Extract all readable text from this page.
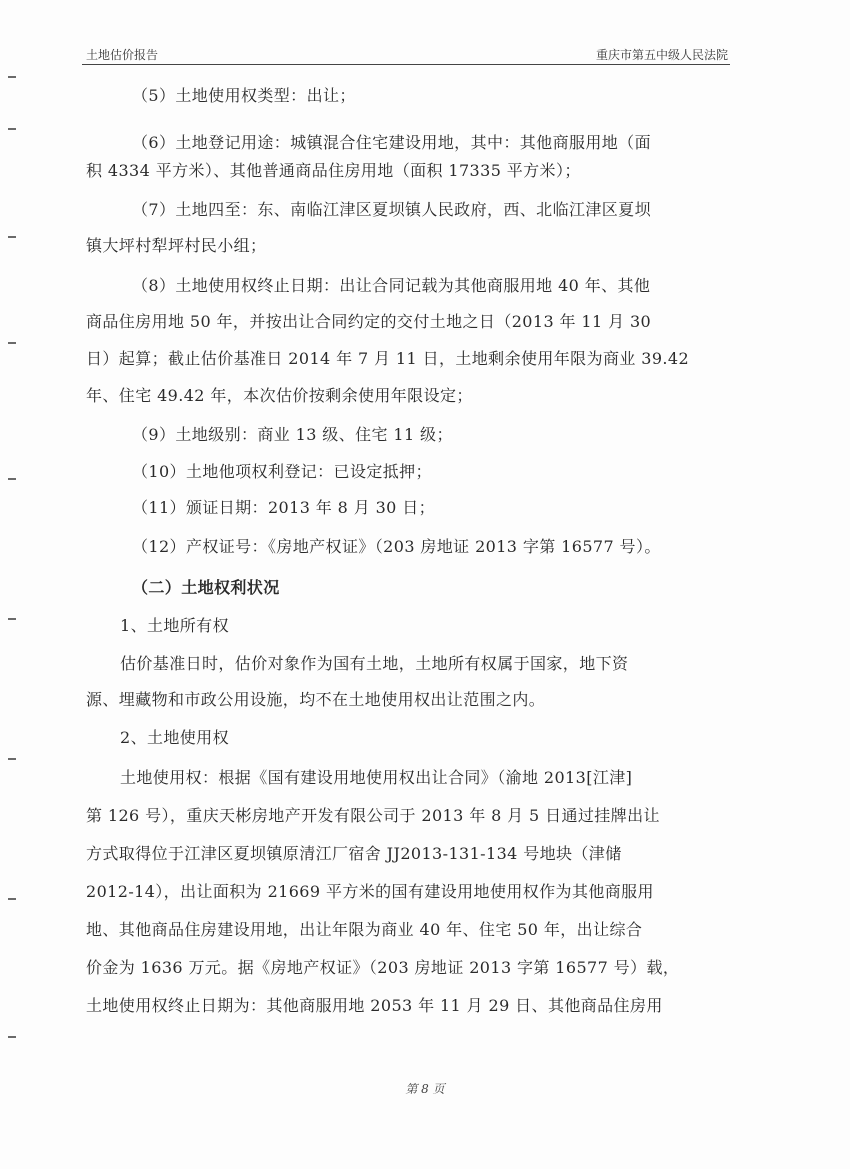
土地估价报告	重庆市第五中级人民法院
（5）土地使用权类型：出让；
（6）土地登记用途：城镇混合住宅建设用地，其中：其他商服用地（面
积 4334 平方米）、其他普通商品住房用地（面积 17335 平方米）；
（7）土地四至：东、南临江津区夏坝镇人民政府，西、北临江津区夏坝
镇大坪村犁坪村民小组；
（8）土地使用权终止日期：出让合同记载为其他商服用地 40 年、其他
商品住房用地 50 年，并按出让合同约定的交付土地之日（2013 年 11 月 30
日）起算；截止估价基准日 2014 年 7 月 11 日，土地剩余使用年限为商业 39.42
年、住宅 49.42 年，本次估价按剩余使用年限设定；
（9）土地级别：商业 13 级、住宅 11 级；
（10）土地他项权利登记：已设定抵押；
（11）颁证日期：2013 年 8 月 30 日；
（12）产权证号：《房地产权证》（203 房地证 2013 字第 16577 号）。
（二）土地权利状况
1、土地所有权
估价基准日时，估价对象作为国有土地，土地所有权属于国家，地下资
源、埋藏物和市政公用设施，均不在土地使用权出让范围之内。
2、土地使用权
土地使用权：根据《国有建设用地使用权出让合同》（渝地 2013[江津]
第 126 号），重庆天彬房地产开发有限公司于 2013 年 8 月 5 日通过挂牌出让
方式取得位于江津区夏坝镇原清江厂宿舍 JJ2013-131-134 号地块（津储
2012-14），出让面积为 21669 平方米的国有建设用地使用权作为其他商服用
地、其他商品住房建设用地，出让年限为商业 40 年、住宅 50 年，出让综合
价金为 1636 万元。据《房地产权证》（203 房地证 2013 字第 16577 号）载，
土地使用权终止日期为：其他商服用地 2053 年 11 月 29 日、其他商品住房用
第 8 页
